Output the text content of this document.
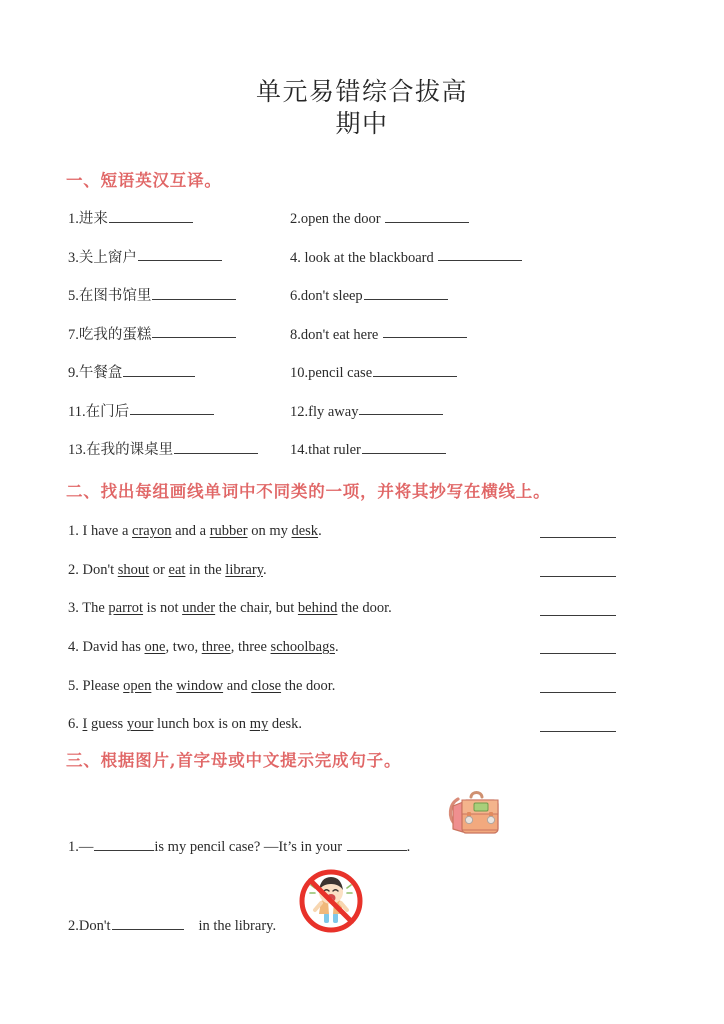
单元易错综合拔高
期中
一、短语英汉互译。
1.进来	2.open the door
3.关上窗户	4. look at the blackboard
5.在图书馆里	6.don't sleep
7.吃我的蛋糕	8.don't eat here
9.午餐盒	10.pencil case
11.在门后	12.fly away
13.在我的课桌里	14.that ruler
二、找出每组画线单词中不同类的一项，并将其抄写在横线上。
1. I have a crayon and a rubber on my desk.
2. Don't shout or eat in the library.
3. The parrot is not under the chair, but behind the door.
4. David has one, two, three, three schoolbags.
5. Please open the window and close the door.
6. I guess your lunch box is on my desk.
三、根据图片,首字母或中文提示完成句子。
1.—	is my pencil case? —It’s in your	.
2.Don't	in the library.
